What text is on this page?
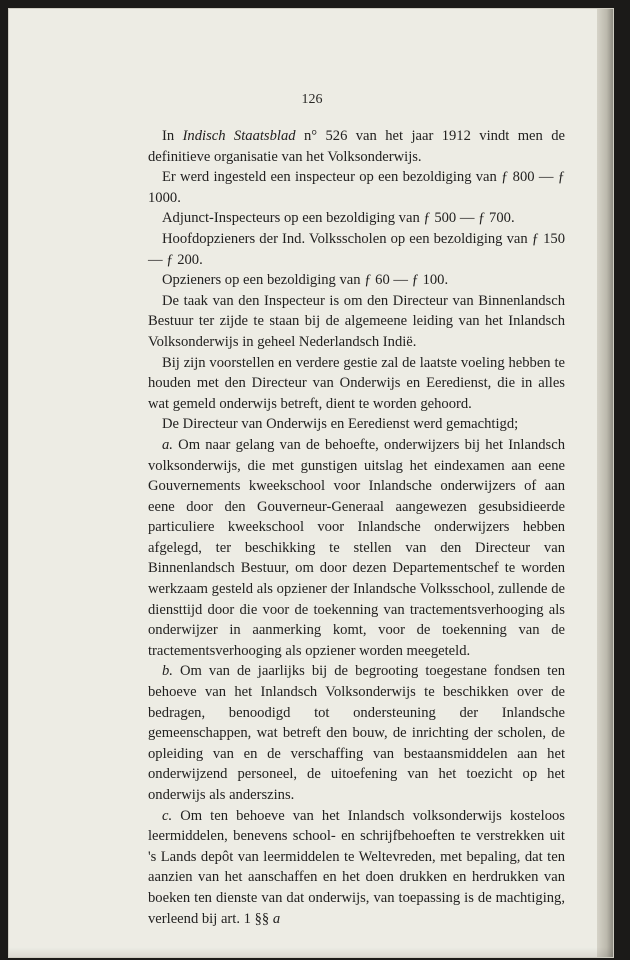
126

In Indisch Staatsblad n° 526 van het jaar 1912 vindt men de definitieve organisatie van het Volksonderwijs.

Er werd ingesteld een inspecteur op een bezoldiging van ƒ 800 — ƒ 1000.

Adjunct-Inspecteurs op een bezoldiging van ƒ 500 — ƒ 700.

Hoofdopzieners der Ind. Volksscholen op een bezoldiging van ƒ 150 — ƒ 200.

Opzieners op een bezoldiging van ƒ 60 — ƒ 100.

De taak van den Inspecteur is om den Directeur van Binnenlandsch Bestuur ter zijde te staan bij de algemeene leiding van het Inlandsch Volksonderwijs in geheel Nederlandsch Indië.

Bij zijn voorstellen en verdere gestie zal de laatste voeling hebben te houden met den Directeur van Onderwijs en Eeredienst, die in alles wat gemeld onderwijs betreft, dient te worden gehoord.

De Directeur van Onderwijs en Eeredienst werd gemachtigd;

a. Om naar gelang van de behoefte, onderwijzers bij het Inlandsch volksonderwijs, die met gunstigen uitslag het eindexamen aan eene Gouvernements kweekschool voor Inlandsche onderwijzers of aan eene door den Gouverneur-Generaal aangewezen gesubsidieerde particuliere kweekschool voor Inlandsche onderwijzers hebben afgelegd, ter beschikking te stellen van den Directeur van Binnenlandsch Bestuur, om door dezen Departementschef te worden werkzaam gesteld als opziener der Inlandsche Volksschool, zullende de diensttijd door die voor de toekenning van tractementsverhooging als onderwijzer in aanmerking komt, voor de toekenning van de tractementsverhooging als opziener worden meegeteld.

b. Om van de jaarlijks bij de begrooting toegestane fondsen ten behoeve van het Inlandsch Volksonderwijs te beschikken over de bedragen, benoodigd tot ondersteuning der Inlandsche gemeenschappen, wat betreft den bouw, de inrichting der scholen, de opleiding van en de verschaffing van bestaansmiddelen aan het onderwijzend personeel, de uitoefening van het toezicht op het onderwijs als anderszins.

c. Om ten behoeve van het Inlandsch volksonderwijs kosteloos leermiddelen, benevens school- en schrijfbehoeften te verstrekken uit 's Lands depôt van leermiddelen te Weltevreden, met bepaling, dat ten aanzien van het aanschaffen en het doen drukken en herdrukken van boeken ten dienste van dat onderwijs, van toepassing is de machtiging, verleend bij art. 1 §§ a
